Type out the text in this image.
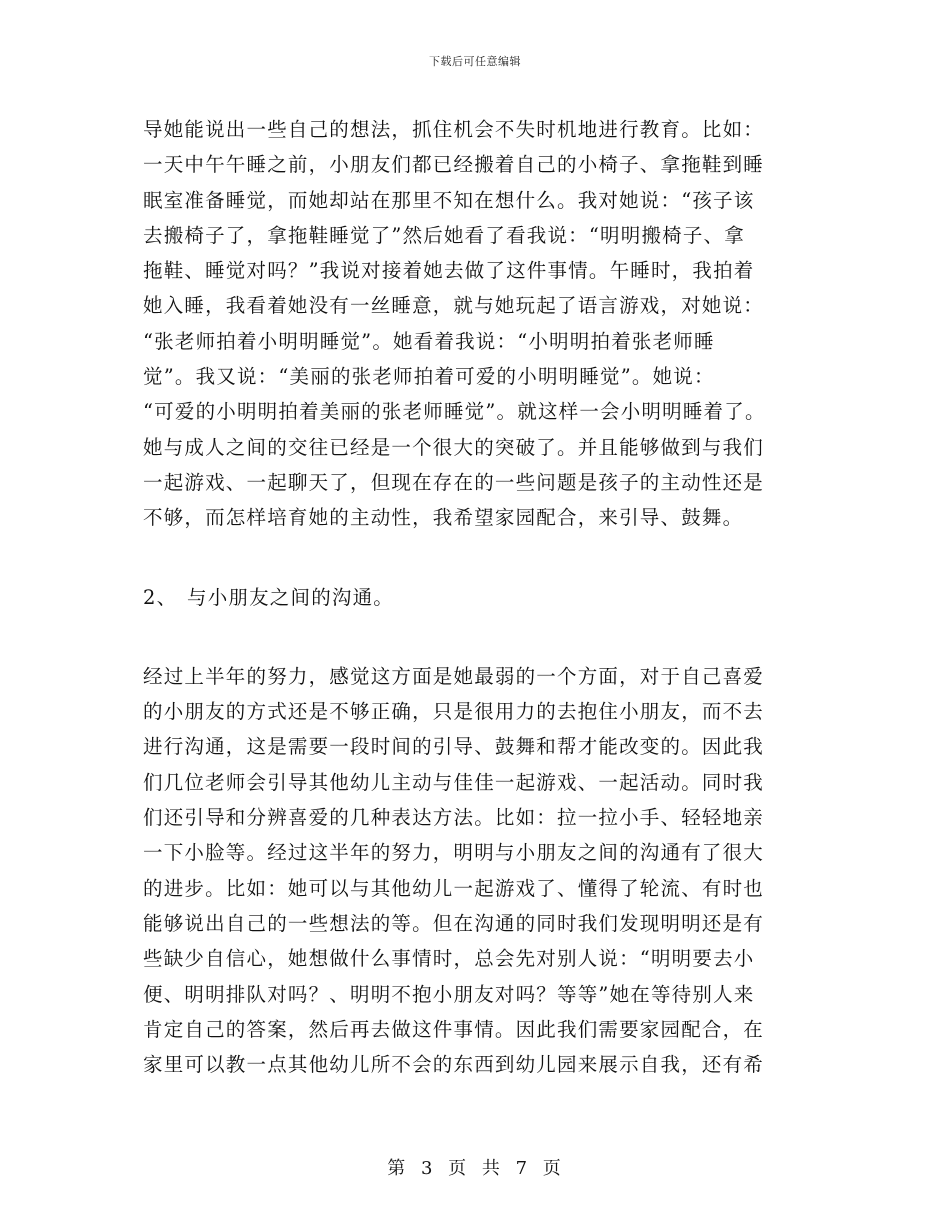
下载后可任意编辑
导她能说出一些自己的想法，抓住机会不失时机地进行教育。比如：
一天中午午睡之前，小朋友们都已经搬着自己的小椅子、拿拖鞋到睡
眠室准备睡觉，而她却站在那里不知在想什么。我对她说：“孩子该
去搬椅子了，拿拖鞋睡觉了”然后她看了看我说：“明明搬椅子、拿
拖鞋、睡觉对吗？”我说对接着她去做了这件事情。午睡时，我拍着
她入睡，我看着她没有一丝睡意，就与她玩起了语言游戏，对她说：
“张老师拍着小明明睡觉”。她看着我说：“小明明拍着张老师睡
觉”。我又说：“美丽的张老师拍着可爱的小明明睡觉”。她说：
“可爱的小明明拍着美丽的张老师睡觉”。就这样一会小明明睡着了。
她与成人之间的交往已经是一个很大的突破了。并且能够做到与我们
一起游戏、一起聊天了，但现在存在的一些问题是孩子的主动性还是
不够，而怎样培育她的主动性，我希望家园配合，来引导、鼓舞。
2、 与小朋友之间的沟通。
经过上半年的努力，感觉这方面是她最弱的一个方面，对于自己喜爱
的小朋友的方式还是不够正确，只是很用力的去抱住小朋友，而不去
进行沟通，这是需要一段时间的引导、鼓舞和帮才能改变的。因此我
们几位老师会引导其他幼儿主动与佳佳一起游戏、一起活动。同时我
们还引导和分辨喜爱的几种表达方法。比如：拉一拉小手、轻轻地亲
一下小脸等。经过这半年的努力，明明与小朋友之间的沟通有了很大
的进步。比如：她可以与其他幼儿一起游戏了、懂得了轮流、有时也
能够说出自己的一些想法的等。但在沟通的同时我们发现明明还是有
些缺少自信心，她想做什么事情时，总会先对别人说：“明明要去小
便、明明排队对吗？、明明不抱小朋友对吗？等等”她在等待别人来
肯定自己的答案，然后再去做这件事情。因此我们需要家园配合，在
家里可以教一点其他幼儿所不会的东西到幼儿园来展示自我，还有希
第 3 页 共 7 页
